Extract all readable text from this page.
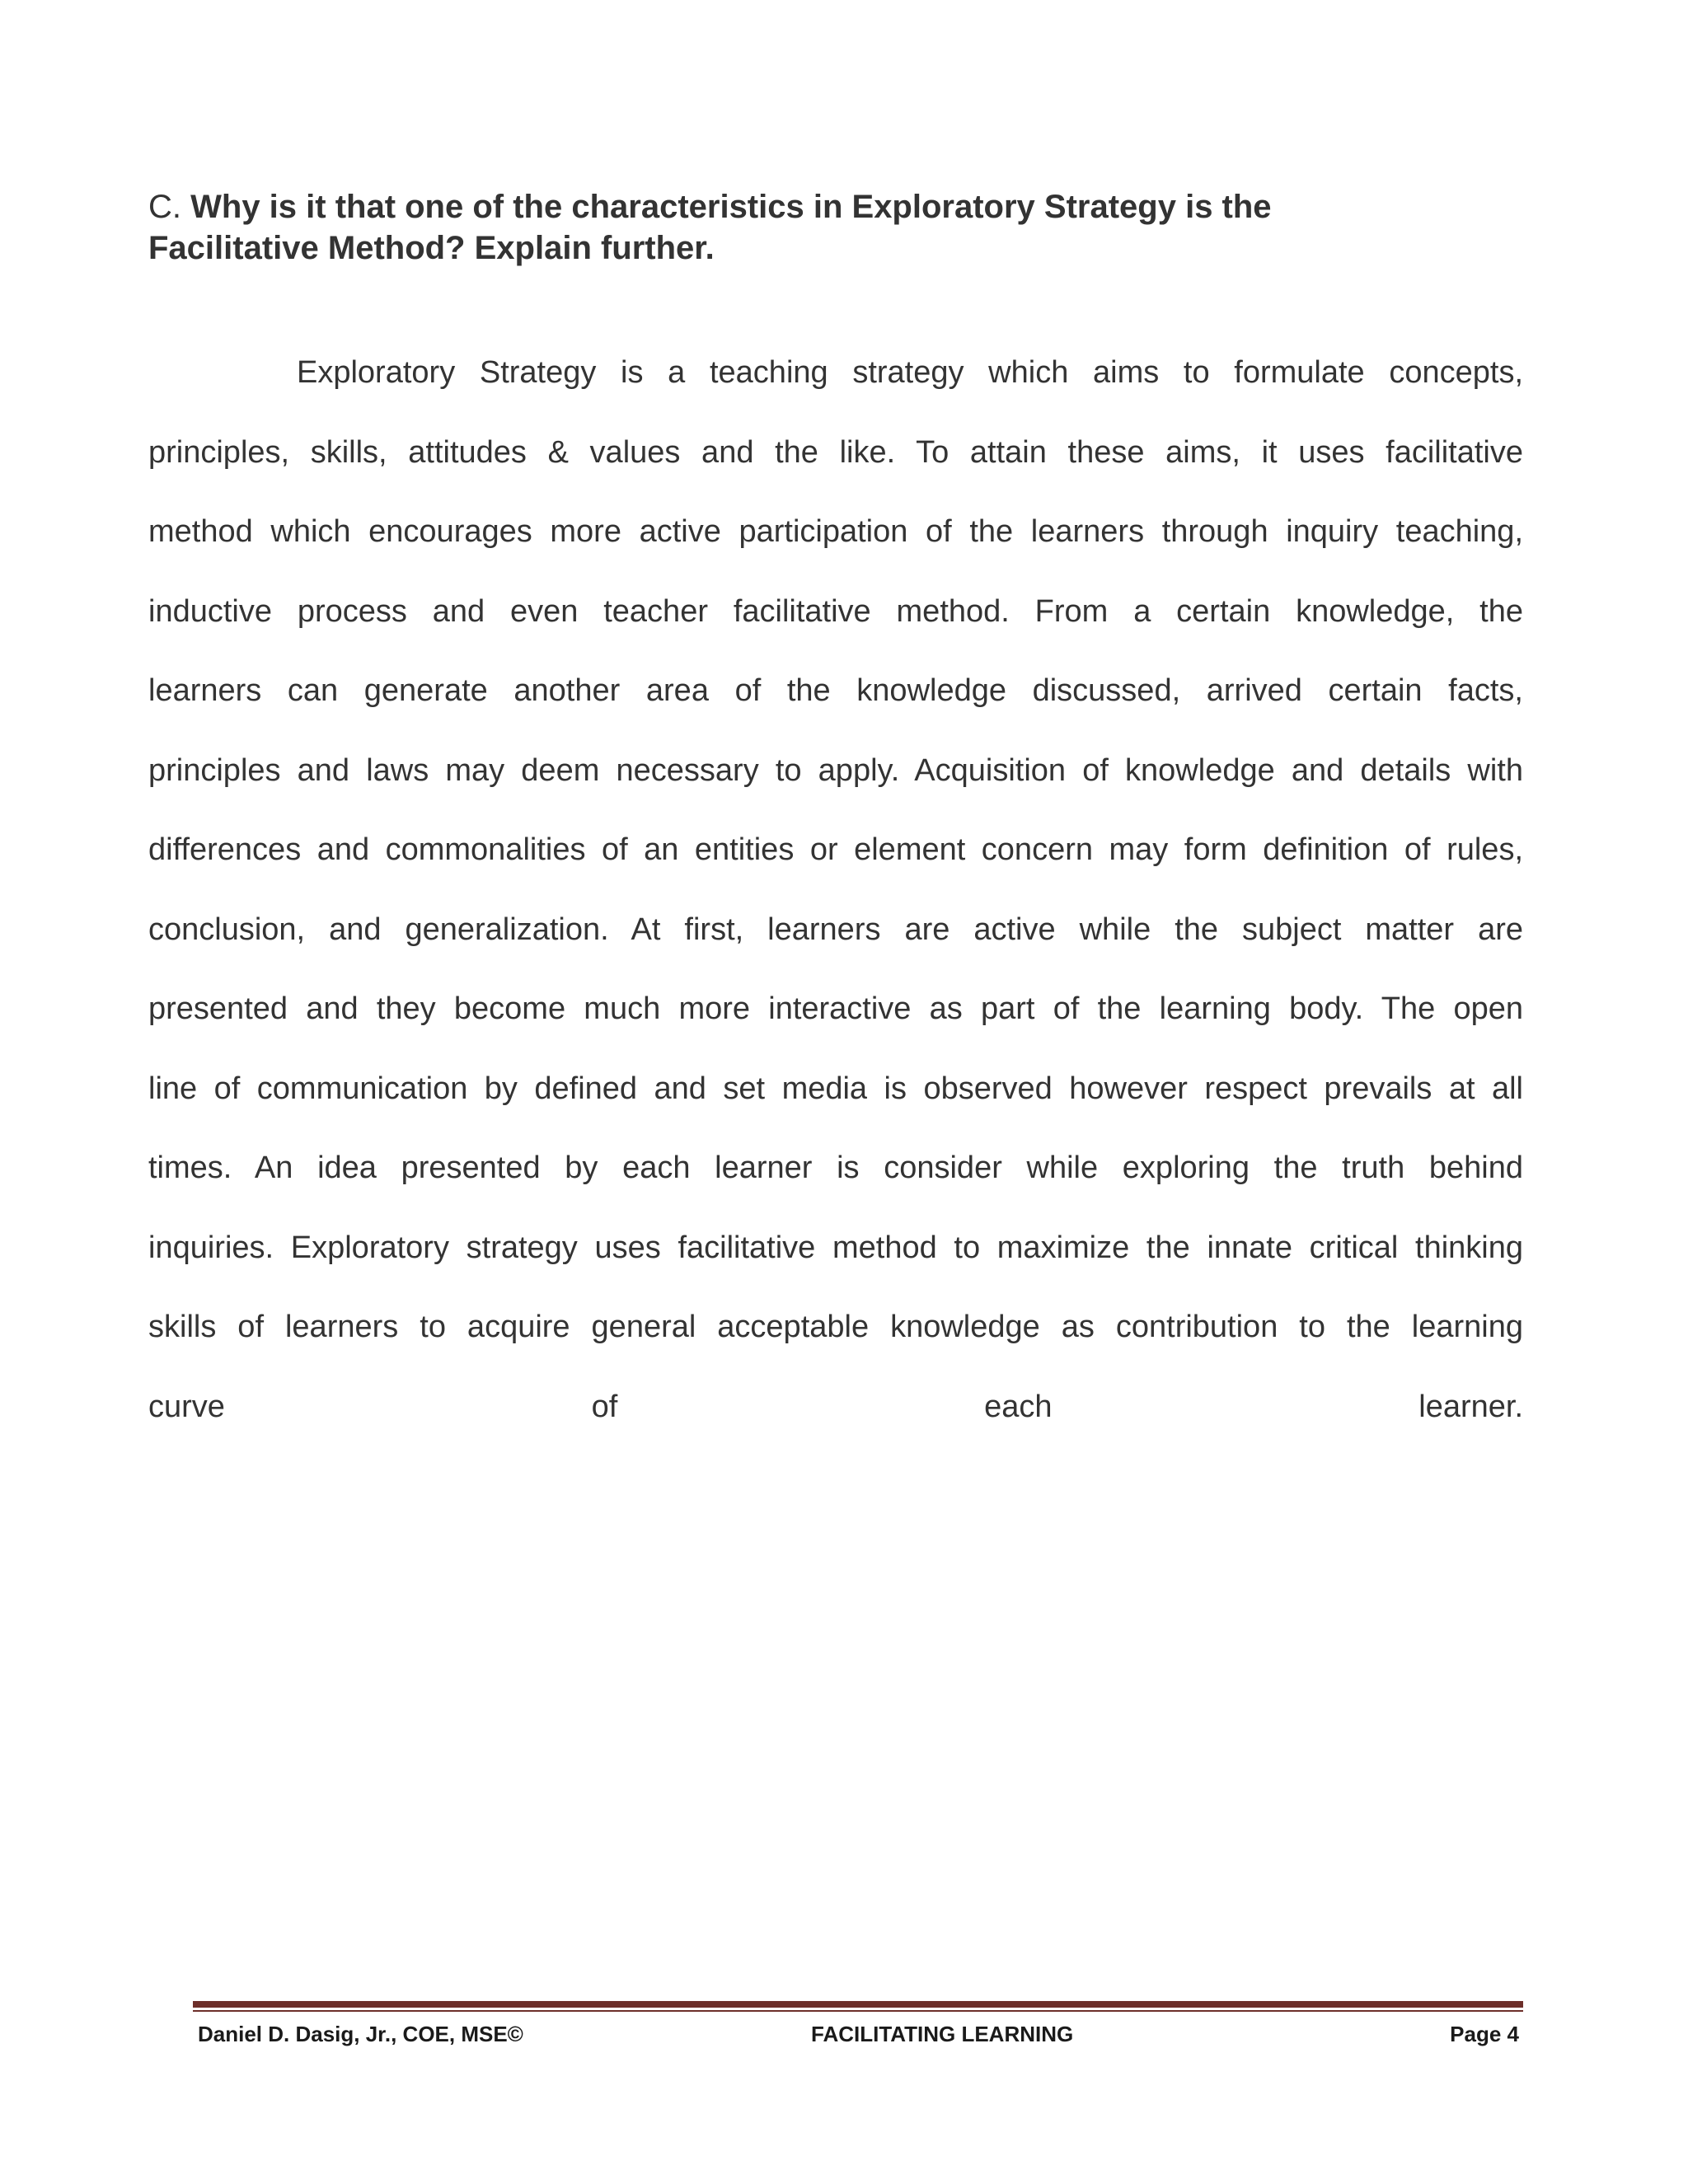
C. Why is it that one of the characteristics in Exploratory Strategy is the
Facilitative Method? Explain further.
Exploratory Strategy is a teaching strategy which aims to formulate concepts,
principles, skills, attitudes & values and the like. To attain these aims, it uses facilitative
method which encourages more active participation of the learners through inquiry teaching,
inductive process and even teacher facilitative method. From a certain knowledge, the
learners can generate another area of the knowledge discussed, arrived certain facts,
principles and laws may deem necessary to apply. Acquisition of knowledge and details with
differences and commonalities of an entities or element concern may form definition of rules,
conclusion, and generalization. At first, learners are active while the subject matter are
presented and they become much more interactive as part of the learning body. The open
line of communication by defined and set media is observed however respect prevails at all
times. An idea presented by each learner is consider while exploring the truth behind
inquiries. Exploratory strategy uses facilitative method to maximize the innate critical thinking
skills of learners to acquire general acceptable knowledge as contribution to the learning
curve of each learner.
Daniel D. Dasig, Jr., COE, MSE©	FACILITATING LEARNING	Page 4
